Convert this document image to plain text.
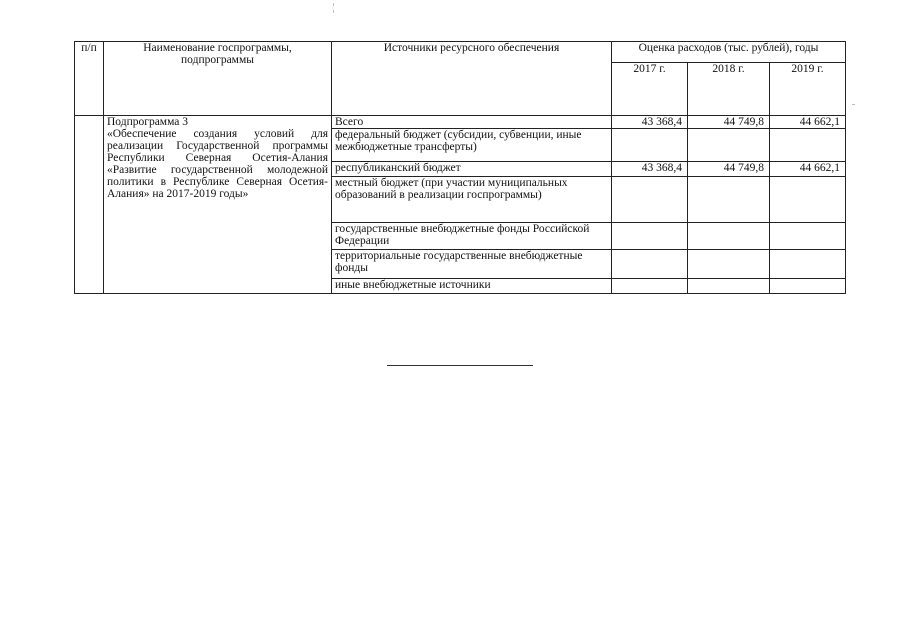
п/п	Наименование госпрограммы, подпрограммы	Источники ресурсного обеспечения	Оценка расходов (тыс. рублей), годы		
			2017 г.	2018 г.	2019 г.

	Подпрограмма 3
«Обеспечение создания условий для реализации Государственной программы Республики Северная Осетия-Алания «Развитие государственной молодежной политики в Республике Северная Осетия-Алания» на 2017-2019 годы»	Всего	43 368,4	44 749,8	44 662,1
		федеральный бюджет (субсидии, субвенции, иные межбюджетные трансферты)			
		республиканский бюджет	43 368,4	44 749,8	44 662,1
		местный бюджет (при участии муниципальных образований в реализации госпрограммы)			
		государственные внебюджетные фонды Российской Федерации			
		территориальные государственные внебюджетные фонды			
		иные внебюджетные источники			
